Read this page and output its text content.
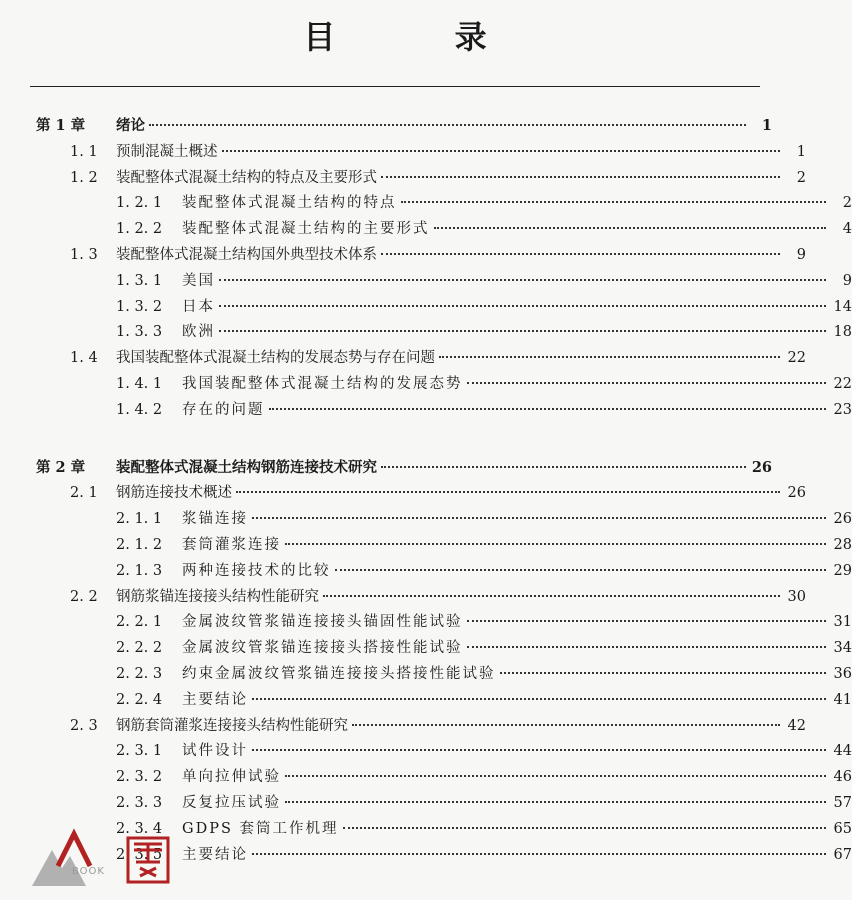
目 录
第 1 章	绪论	1
1. 1	预制混凝土概述	1
1. 2	装配整体式混凝土结构的特点及主要形式	2
1. 2. 1	装配整体式混凝土结构的特点	2
1. 2. 2	装配整体式混凝土结构的主要形式	4
1. 3	装配整体式混凝土结构国外典型技术体系	9
1. 3. 1	美国	9
1. 3. 2	日本	14
1. 3. 3	欧洲	18
1. 4	我国装配整体式混凝土结构的发展态势与存在问题	22
1. 4. 1	我国装配整体式混凝土结构的发展态势	22
1. 4. 2	存在的问题	23
第 2 章	装配整体式混凝土结构钢筋连接技术研究	26
2. 1	钢筋连接技术概述	26
2. 1. 1	浆锚连接	26
2. 1. 2	套筒灌浆连接	28
2. 1. 3	两种连接技术的比较	29
2. 2	钢筋浆锚连接接头结构性能研究	30
2. 2. 1	金属波纹管浆锚连接接头锚固性能试验	31
2. 2. 2	金属波纹管浆锚连接接头搭接性能试验	34
2. 2. 3	约束金属波纹管浆锚连接接头搭接性能试验	36
2. 2. 4	主要结论	41
2. 3	钢筋套筒灌浆连接接头结构性能研究	42
2. 3. 1	试件设计	44
2. 3. 2	单向拉伸试验	46
2. 3. 3	反复拉压试验	57
2. 3. 4	GDPS 套筒工作机理	65
2. 3. 5	主要结论	67
BOOK
